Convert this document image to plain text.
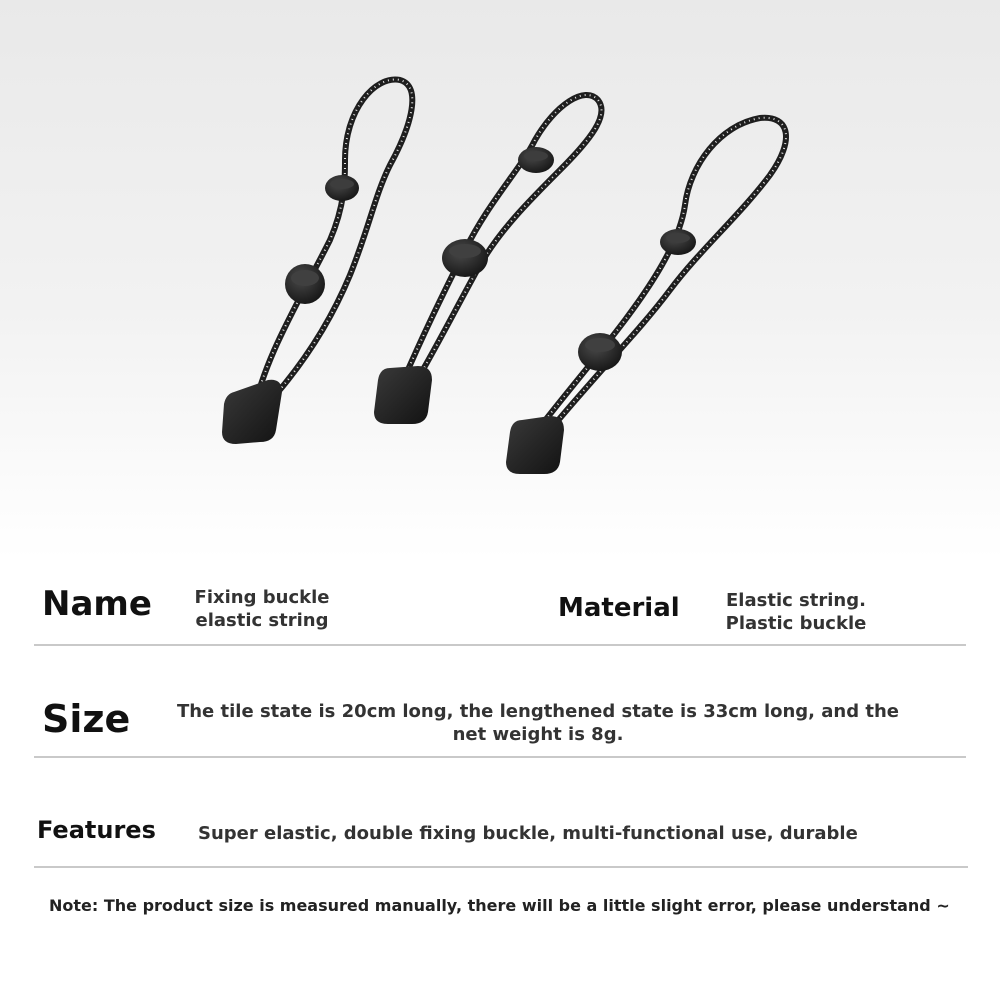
Name	Fixing buckle elastic string	Material	Elastic string. Plastic buckle
Size	The tile state is 20cm long, the lengthened state is 33cm long, and the net weight is 8g.
Features Super elastic, double fixing buckle, multi-functional use, durable
Note: The product size is measured manually, there will be a little slight error, please understand ~
